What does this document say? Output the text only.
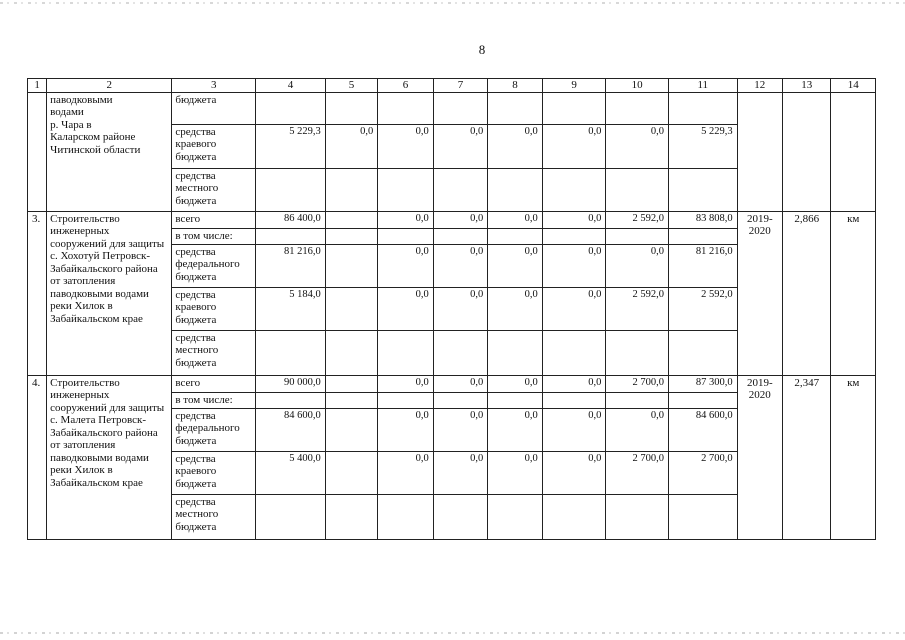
8
1	2	3	4	5	6	7	8	9	10	11	12	13	14

	паводковыми
водами
р. Чара в
Каларском районе
Читинской области	бюджета											
		средства краевого бюджета	5 229,3	0,0	0,0	0,0	0,0	0,0	0,0	5 229,3			
		средства местного бюджета											
3.	Строительство инженерных сооружений для защиты с. Хохотуй Петровск-Забайкальского района от затопления паводковыми водами реки Хилок в Забайкальском крае	всего	86 400,0		0,0	0,0	0,0	0,0	2 592,0	83 808,0	2019-2020	2,866	км
		в том числе:											
		средства федерального бюджета	81 216,0		0,0	0,0	0,0	0,0	0,0	81 216,0			
		средства краевого бюджета	5 184,0		0,0	0,0	0,0	0,0	2 592,0	2 592,0			
		средства местного бюджета											
4.	Строительство инженерных сооружений для защиты с. Малета Петровск-Забайкальского района от затопления паводковыми водами реки Хилок в Забайкальском крае	всего	90 000,0		0,0	0,0	0,0	0,0	2 700,0	87 300,0	2019-2020	2,347	км
		в том числе:											
		средства федерального бюджета	84 600,0		0,0	0,0	0,0	0,0	0,0	84 600,0			
		средства краевого бюджета	5 400,0		0,0	0,0	0,0	0,0	2 700,0	2 700,0			
		средства местного бюджета											
